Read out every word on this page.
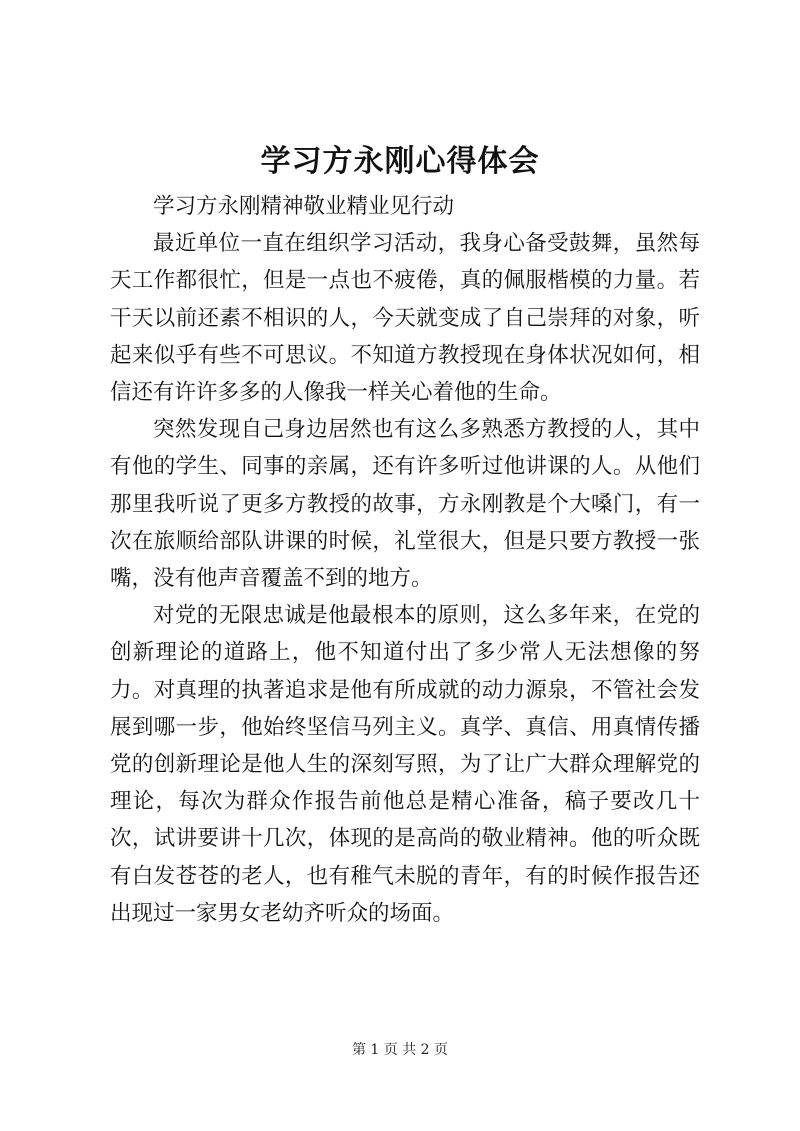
学习方永刚心得体会

学习方永刚精神敬业精业见行动

最近单位一直在组织学习活动，我身心备受鼓舞，虽然每天工作都很忙，但是一点也不疲倦，真的佩服楷模的力量。若干天以前还素不相识的人，今天就变成了自己崇拜的对象，听起来似乎有些不可思议。不知道方教授现在身体状况如何，相信还有许许多多的人像我一样关心着他的生命。

突然发现自己身边居然也有这么多熟悉方教授的人，其中有他的学生、同事的亲属，还有许多听过他讲课的人。从他们那里我听说了更多方教授的故事，方永刚教是个大嗓门，有一次在旅顺给部队讲课的时候，礼堂很大，但是只要方教授一张嘴，没有他声音覆盖不到的地方。

对党的无限忠诚是他最根本的原则，这么多年来，在党的创新理论的道路上，他不知道付出了多少常人无法想像的努力。对真理的执著追求是他有所成就的动力源泉，不管社会发展到哪一步，他始终坚信马列主义。真学、真信、用真情传播党的创新理论是他人生的深刻写照，为了让广大群众理解党的理论，每次为群众作报告前他总是精心准备，稿子要改几十次，试讲要讲十几次，体现的是高尚的敬业精神。他的听众既有白发苍苍的老人，也有稚气未脱的青年，有的时候作报告还出现过一家男女老幼齐听众的场面。

第 1 页 共 2 页
